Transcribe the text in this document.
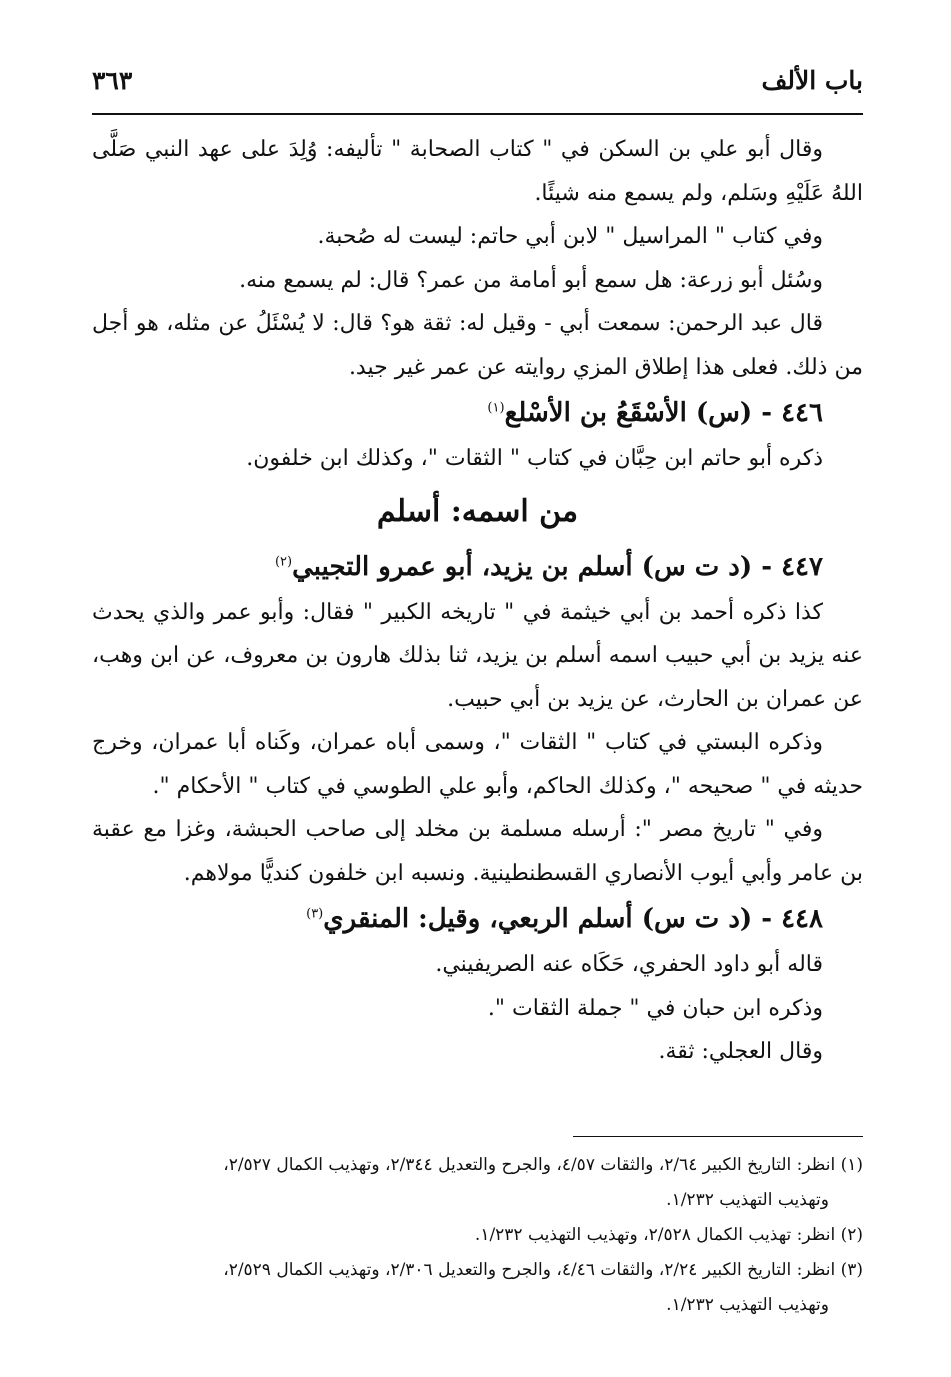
باب الألف
٣٦٣

وقال أبو علي بن السكن في " كتاب الصحابة " تأليفه: وُلِدَ على عهد النبي صَلَّى اللهُ عَلَيْهِ وسَلم، ولم يسمع منه شيئًا.

وفي كتاب " المراسيل " لابن أبي حاتم: ليست له صُحبة.

وسُئل أبو زرعة: هل سمع أبو أمامة من عمر؟ قال: لم يسمع منه.

قال عبد الرحمن: سمعت أبي - وقيل له: ثقة هو؟ قال: لا يُسْئَلُ عن مثله، هو أجل من ذلك. فعلى هذا إطلاق المزي روايته عن عمر غير جيد.

٤٤٦ - (س) الأسْقَعُ بن الأسْلع$^{(١)}$

ذكره أبو حاتم ابن حِبَّان في كتاب " الثقات "، وكذلك ابن خلفون.

من اسمه: أسلم

٤٤٧ - (د ت س) أسلم بن يزيد، أبو عمرو التجيبي$^{(٢)}$

كذا ذكره أحمد بن أبي خيثمة في " تاريخه الكبير " فقال: وأبو عمر والذي يحدث عنه يزيد بن أبي حبيب اسمه أسلم بن يزيد، ثنا بذلك هارون بن معروف، عن ابن وهب، عن عمران بن الحارث، عن يزيد بن أبي حبيب.

وذكره البستي في كتاب " الثقات "، وسمى أباه عمران، وكَناه أبا عمران، وخرج حديثه في " صحيحه "، وكذلك الحاكم، وأبو علي الطوسي في كتاب " الأحكام ".

وفي " تاريخ مصر ": أرسله مسلمة بن مخلد إلى صاحب الحبشة، وغزا مع عقبة بن عامر وأبي أيوب الأنصاري القسطنطينية. ونسبه ابن خلفون كنديًّا مولاهم.

٤٤٨ - (د ت س) أسلم الربعي، وقيل: المنقري$^{(٣)}$

قاله أبو داود الحفري، حَكَاه عنه الصريفيني.

وذكره ابن حبان في " جملة الثقات ".

وقال العجلي: ثقة.

(١) انظر: التاريخ الكبير ٢/٦٤، والثقات ٤/٥٧، والجرح والتعديل ٢/٣٤٤، وتهذيب الكمال ٢/٥٢٧،

وتهذيب التهذيب ١/٢٣٢.

(٢) انظر: تهذيب الكمال ٢/٥٢٨، وتهذيب التهذيب ١/٢٣٢.

(٣) انظر: التاريخ الكبير ٢/٢٤، والثقات ٤/٤٦، والجرح والتعديل ٢/٣٠٦، وتهذيب الكمال ٢/٥٢٩،

وتهذيب التهذيب ١/٢٣٢.
